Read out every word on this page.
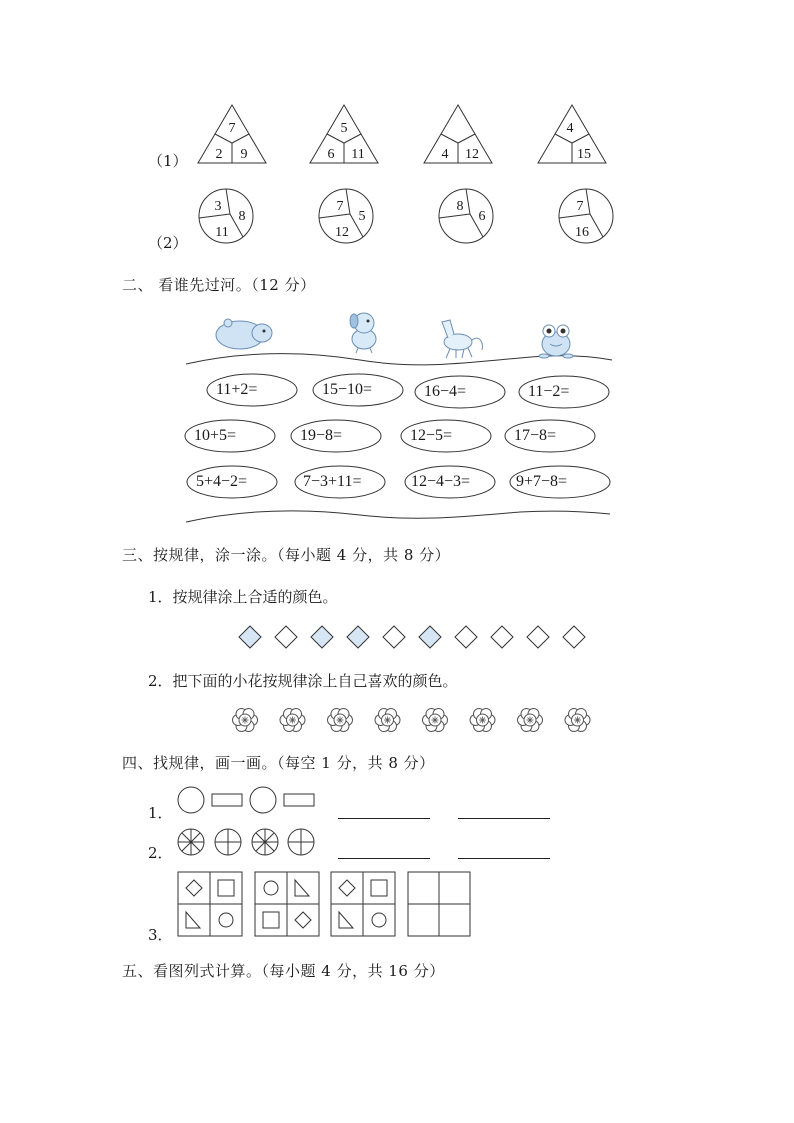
7
2 9
5
6 11	4 12
4
15
3
8
11
7
5
12
8
6
7
16
（1）
（2）
二、 看谁先过河。（12 分）
11+2=	15−10=	16−4=	11−2=
10+5=	19−8=	12−5=	17−8=
5+4−2=	7−3+11=	12−4−3=	9+7−8=
三、按规律，涂一涂。（每小题 4 分，共 8 分）
1．按规律涂上合适的颜色。
2．把下面的小花按规律涂上自己喜欢的颜色。
四、找规律，画一画。（每空 1 分，共 8 分）
1．
2．
3．
五、看图列式计算。（每小题 4 分，共 16 分）
